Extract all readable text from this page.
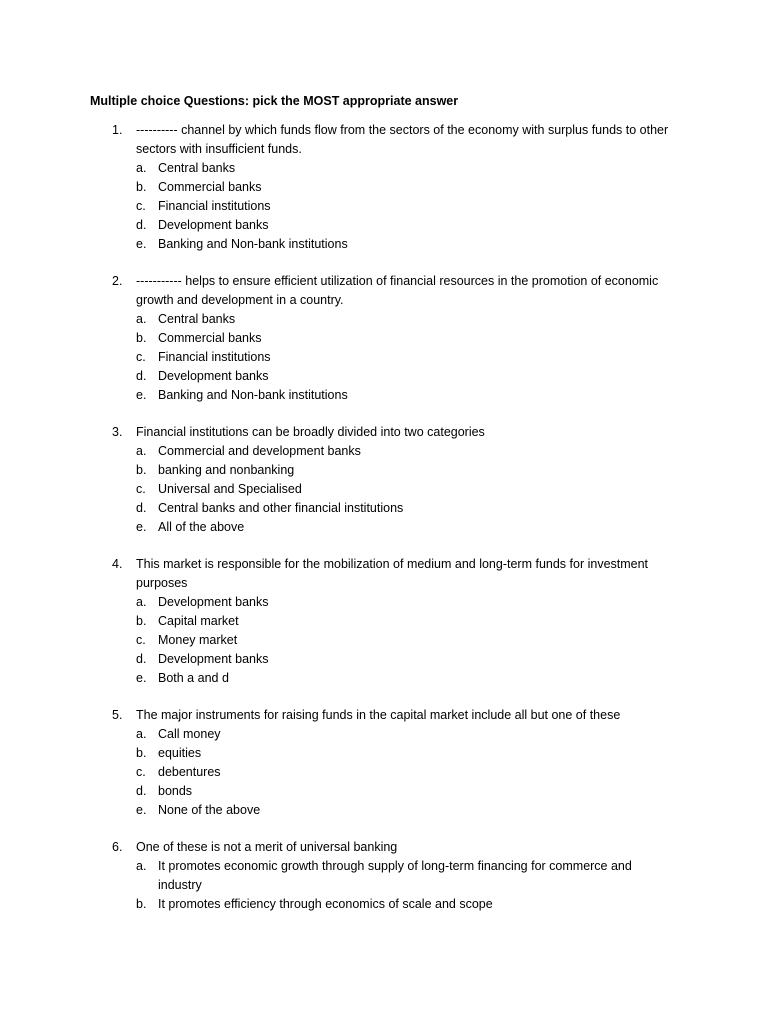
Multiple choice Questions: pick the MOST appropriate answer
1.	---------- channel by which funds flow from the sectors of the economy with surplus funds to other sectors with insufficient funds.
a. Central banks
b. Commercial banks
c. Financial institutions
d. Development banks
e. Banking and Non-bank institutions
2.	----------- helps to ensure efficient utilization of financial resources in the promotion of economic growth and development in a country.
a. Central banks
b. Commercial banks
c. Financial institutions
d. Development banks
e. Banking and Non-bank institutions
3.	Financial institutions can be broadly divided into two categories
a. Commercial and development banks
b. banking and nonbanking
c. Universal and Specialised
d. Central banks and other financial institutions
e. All of the above
4.	This market is responsible for the mobilization of medium and long-term funds for investment purposes
a. Development banks
b. Capital market
c. Money market
d. Development banks
e. Both a and d
5.	The major instruments for raising funds in the capital market include all but one of these
a. Call money
b. equities
c. debentures
d. bonds
e. None of the above
6.	One of these is not a merit of universal banking
a. It promotes economic growth through supply of long-term financing for commerce and industry
b. It promotes efficiency through economics of scale and scope
